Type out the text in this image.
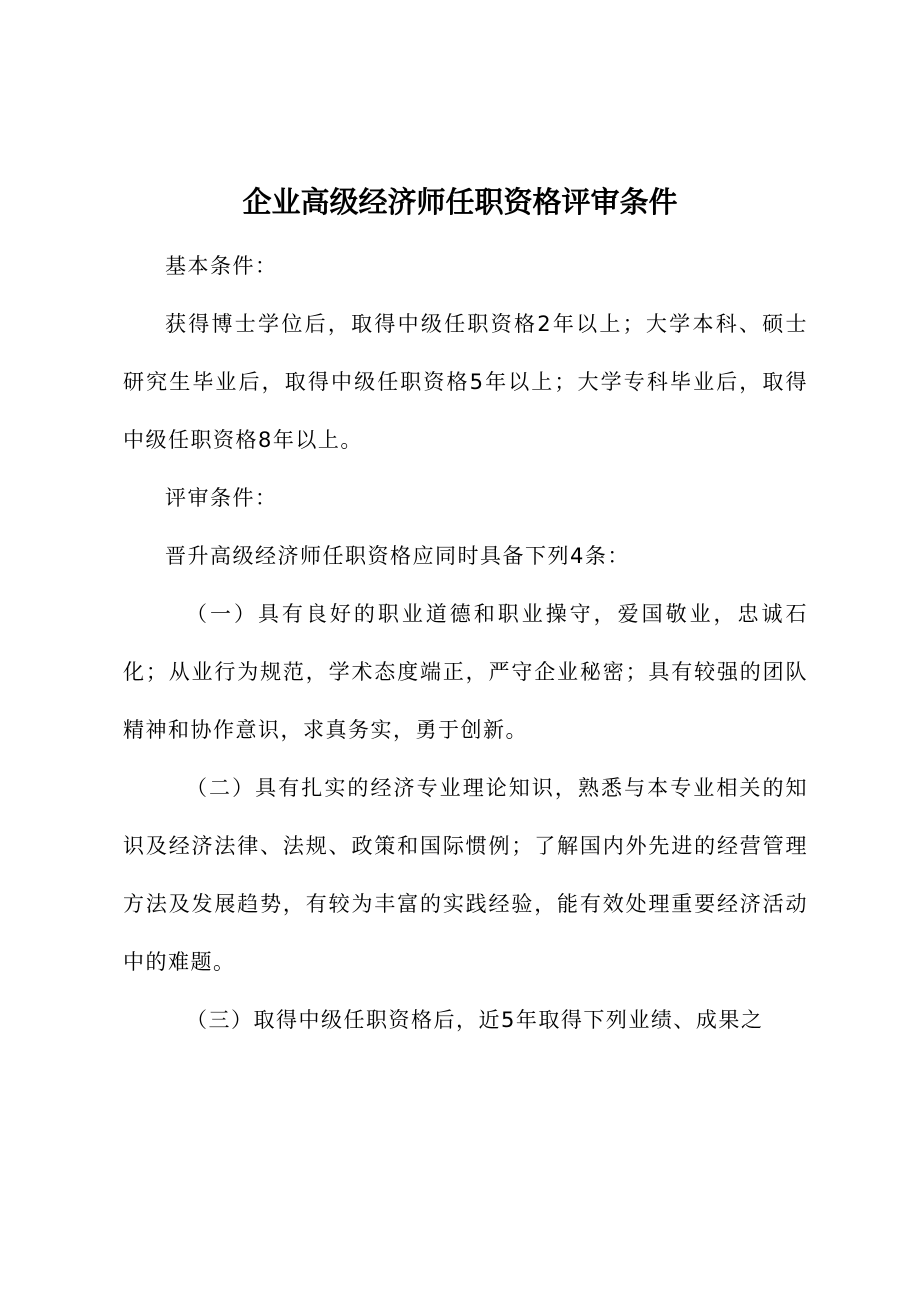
企业高级经济师任职资格评审条件

基本条件：

获得博士学位后，取得中级任职资格2年以上；大学本科、硕士研究生毕业后，取得中级任职资格5年以上；大学专科毕业后，取得中级任职资格8年以上。

评审条件：

晋升高级经济师任职资格应同时具备下列4条：

（一）具有良好的职业道德和职业操守，爱国敬业，忠诚石化；从业行为规范，学术态度端正，严守企业秘密；具有较强的团队精神和协作意识，求真务实，勇于创新。

（二）具有扎实的经济专业理论知识，熟悉与本专业相关的知识及经济法律、法规、政策和国际惯例；了解国内外先进的经营管理方法及发展趋势，有较为丰富的实践经验，能有效处理重要经济活动中的难题。

（三）取得中级任职资格后，近5年取得下列业绩、成果之
